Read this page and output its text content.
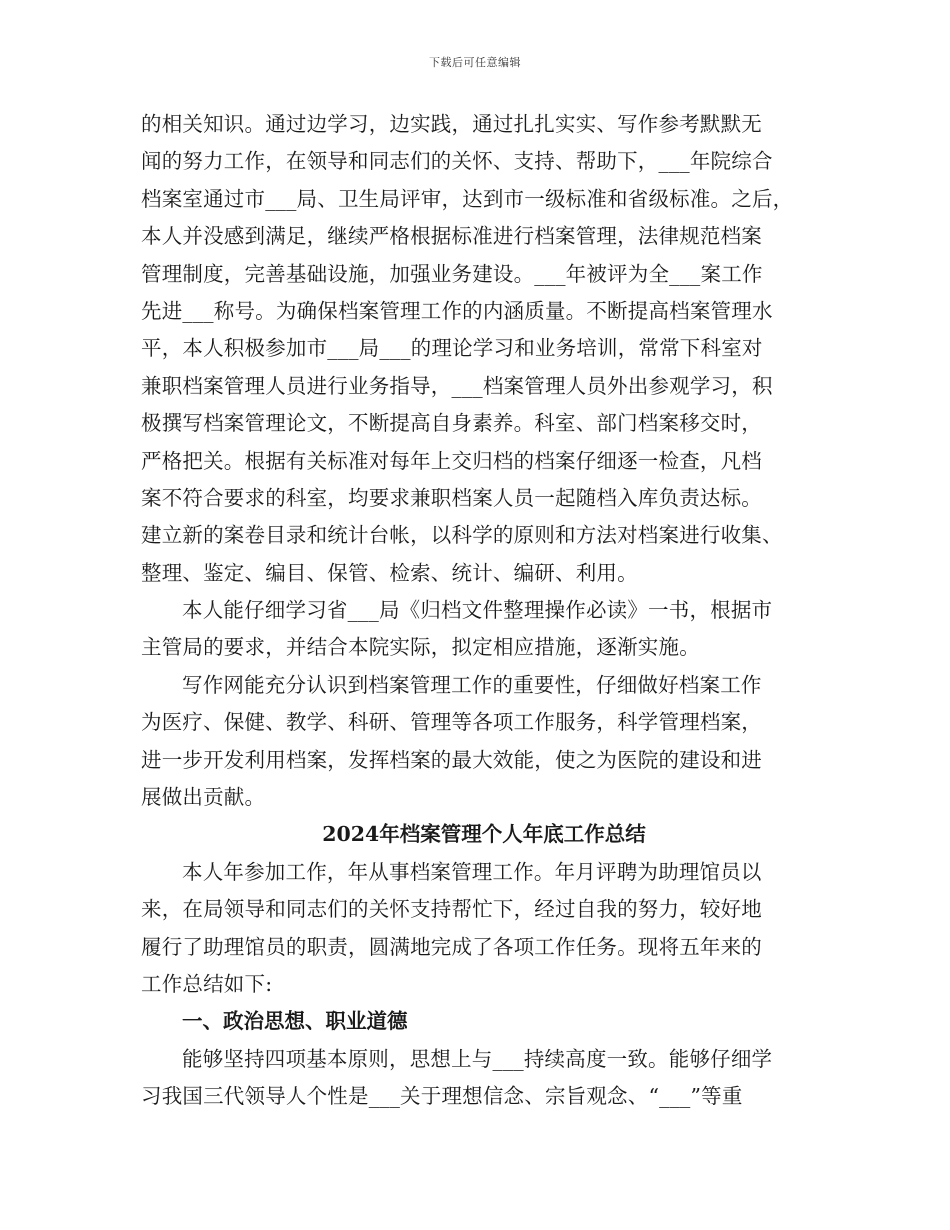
下载后可任意编辑

的相关知识。通过边学习，边实践，通过扎扎实实、写作参考默默无
闻的努力工作，在领导和同志们的关怀、支持、帮助下，___年院综合
档案室通过市___局、卫生局评审，达到市一级标准和省级标准。之后，
本人并没感到满足，继续严格根据标准进行档案管理，法律规范档案
管理制度，完善基础设施，加强业务建设。___年被评为全___案工作
先进___称号。为确保档案管理工作的内涵质量。不断提高档案管理水
平，本人积极参加市___局___的理论学习和业务培训，常常下科室对
兼职档案管理人员进行业务指导，___档案管理人员外出参观学习，积
极撰写档案管理论文，不断提高自身素养。科室、部门档案移交时，
严格把关。根据有关标准对每年上交归档的档案仔细逐一检查，凡档
案不符合要求的科室，均要求兼职档案人员一起随档入库负责达标。
建立新的案卷目录和统计台帐，以科学的原则和方法对档案进行收集、
整理、鉴定、编目、保管、检索、统计、编研、利用。

本人能仔细学习省___局《归档文件整理操作必读》一书，根据市
主管局的要求，并结合本院实际，拟定相应措施，逐渐实施。

写作网能充分认识到档案管理工作的重要性，仔细做好档案工作
为医疗、保健、教学、科研、管理等各项工作服务，科学管理档案，
进一步开发利用档案，发挥档案的最大效能，使之为医院的建设和进
展做出贡献。

2024年档案管理个人年底工作总结

本人年参加工作，年从事档案管理工作。年月评聘为助理馆员以
来，在局领导和同志们的关怀支持帮忙下，经过自我的努力，较好地
履行了助理馆员的职责，圆满地完成了各项工作任务。现将五年来的
工作总结如下:

一、政治思想、职业道德

能够坚持四项基本原则，思想上与___持续高度一致。能够仔细学
习我国三代领导人个性是___关于理想信念、宗旨观念、“___”等重
